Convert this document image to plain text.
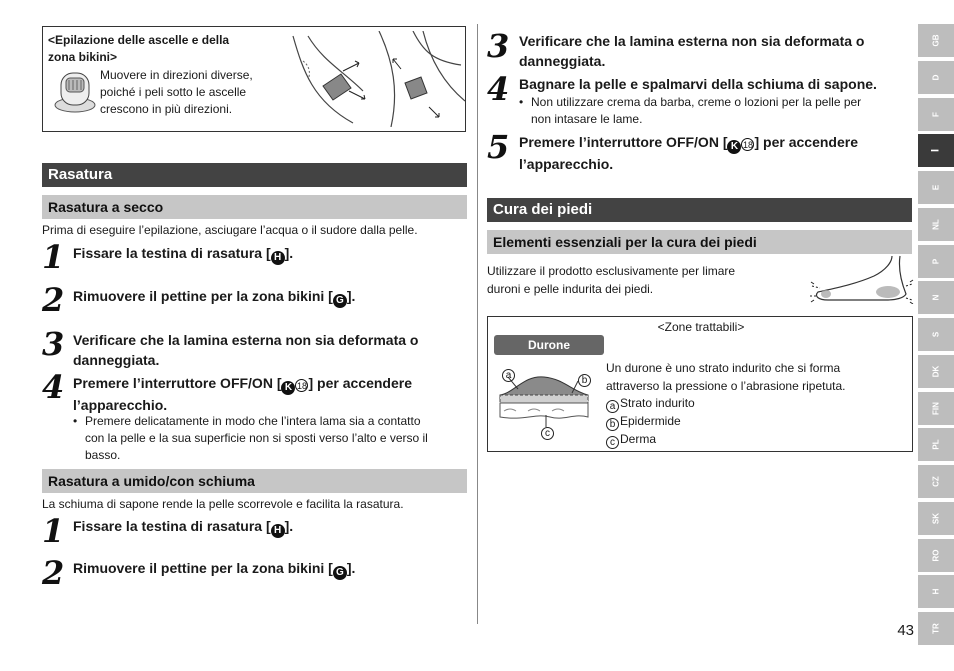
<Epilazione delle ascelle e della
zona bikini>
Muovere in direzioni diverse,
poiché i peli sotto le ascelle
crescono in più direzioni.
Rasatura
Rasatura a secco
Prima di eseguire l’epilazione, asciugare l’acqua o il sudore dalla pelle.
1 Fissare la testina di rasatura [ H ].
2 Rimuovere il pettine per la zona bikini [ G ].
3 Verificare che la lamina esterna non sia deformata o
danneggiata.
4 Premere l’interruttore OFF/ON [ K 18 ] per accendere
l’apparecchio.
• Premere delicatamente in modo che l’intera lama sia a contatto
con la pelle e la sua superficie non si sposti verso l’alto e verso il
basso.
Rasatura a umido/con schiuma
La schiuma di sapone rende la pelle scorrevole e facilita la rasatura.
1 Fissare la testina di rasatura [ H ].
2 Rimuovere il pettine per la zona bikini [ G ].
3 Verificare che la lamina esterna non sia deformata o
danneggiata.
4 Bagnare la pelle e spalmarvi della schiuma di sapone.
• Non utilizzare crema da barba, creme o lozioni per la pelle per
non intasare le lame.
5 Premere l’interruttore OFF/ON [ K 18 ] per accendere
l’apparecchio.
Cura dei piedi
Elementi essenziali per la cura dei piedi
Utilizzare il prodotto esclusivamente per limare
duroni e pelle indurita dei piedi.
<Zone trattabili>
Durone
a	b
c
Un durone è uno strato indurito che si forma
attraverso la pressione o l’abrasione ripetuta.
a Strato indurito
b Epidermide
c Derma
GB
D
F
I
E
NL
P
N
S
DK
FIN
PL
CZ
SK
RO
H
TR
43
